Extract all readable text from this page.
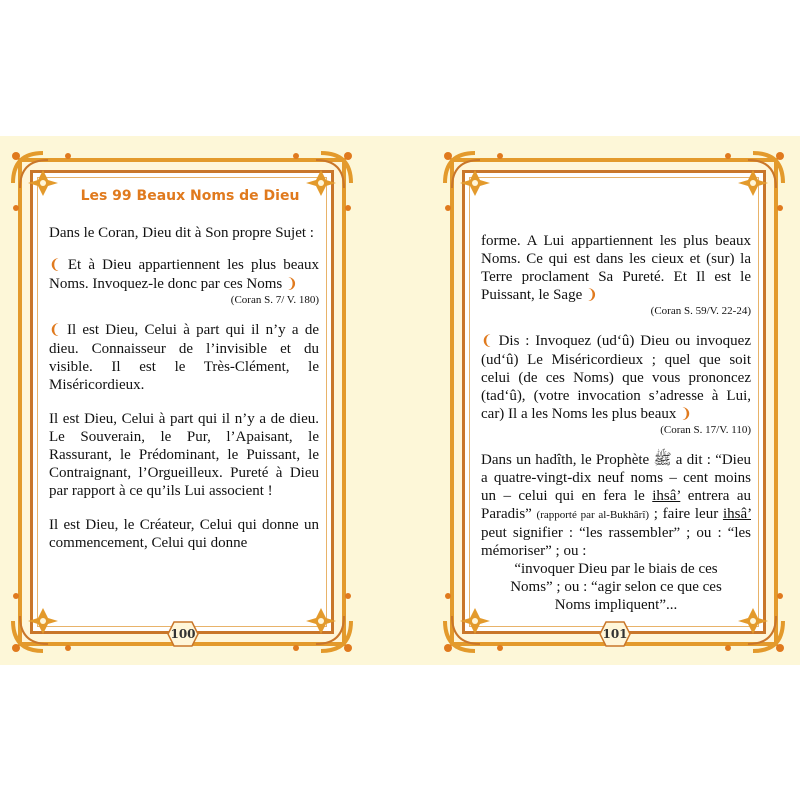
Les 99 Beaux Noms de Dieu

Dans le Coran, Dieu dit à Son propre Sujet :

❨ Et à Dieu appartiennent les plus beaux Noms. Invoquez-le donc par ces Noms ❩
(Coran S. 7/ V. 180)

❨ Il est Dieu, Celui à part qui il n’y a de dieu. Connaisseur de l’invisible et du visible. Il est le Très-Clément, le Miséricordieux.

Il est Dieu, Celui à part qui il n’y a de dieu. Le Souverain, le Pur, l’Apaisant, le Rassurant, le Prédominant, le Puissant, le Contraignant, l’Orgueilleux. Pureté à Dieu par rapport à ce qu’ils Lui associent !

Il est Dieu, le Créateur, Celui qui donne un commencement, Celui qui donne

100

forme. A Lui appartiennent les plus beaux Noms. Ce qui est dans les cieux et (sur) la Terre proclament Sa Pureté. Et Il est le Puissant, le Sage ❩
(Coran S. 59/V. 22-24)

❨ Dis : Invoquez (ud‘û) Dieu ou invoquez (ud‘û) Le Miséricordieux ; quel que soit celui (de ces Noms) que vous prononcez (tad‘û), (votre invocation s’adresse à Lui, car) Il a les Noms les plus beaux ❩
(Coran S. 17/V. 110)

Dans un hadîth, le Prophète ﷺ a dit : “Dieu a quatre-vingt-dix neuf noms – cent moins un – celui qui en fera le ihsâ’ entrera au Paradis” (rapporté par al-Bukhârî) ; faire leur ihsâ’ peut signifier : “les rassembler” ; ou : “les mémoriser” ; ou :

“invoquer Dieu par le biais de ces Noms” ; ou : “agir selon ce que ces Noms impliquent”...

101
